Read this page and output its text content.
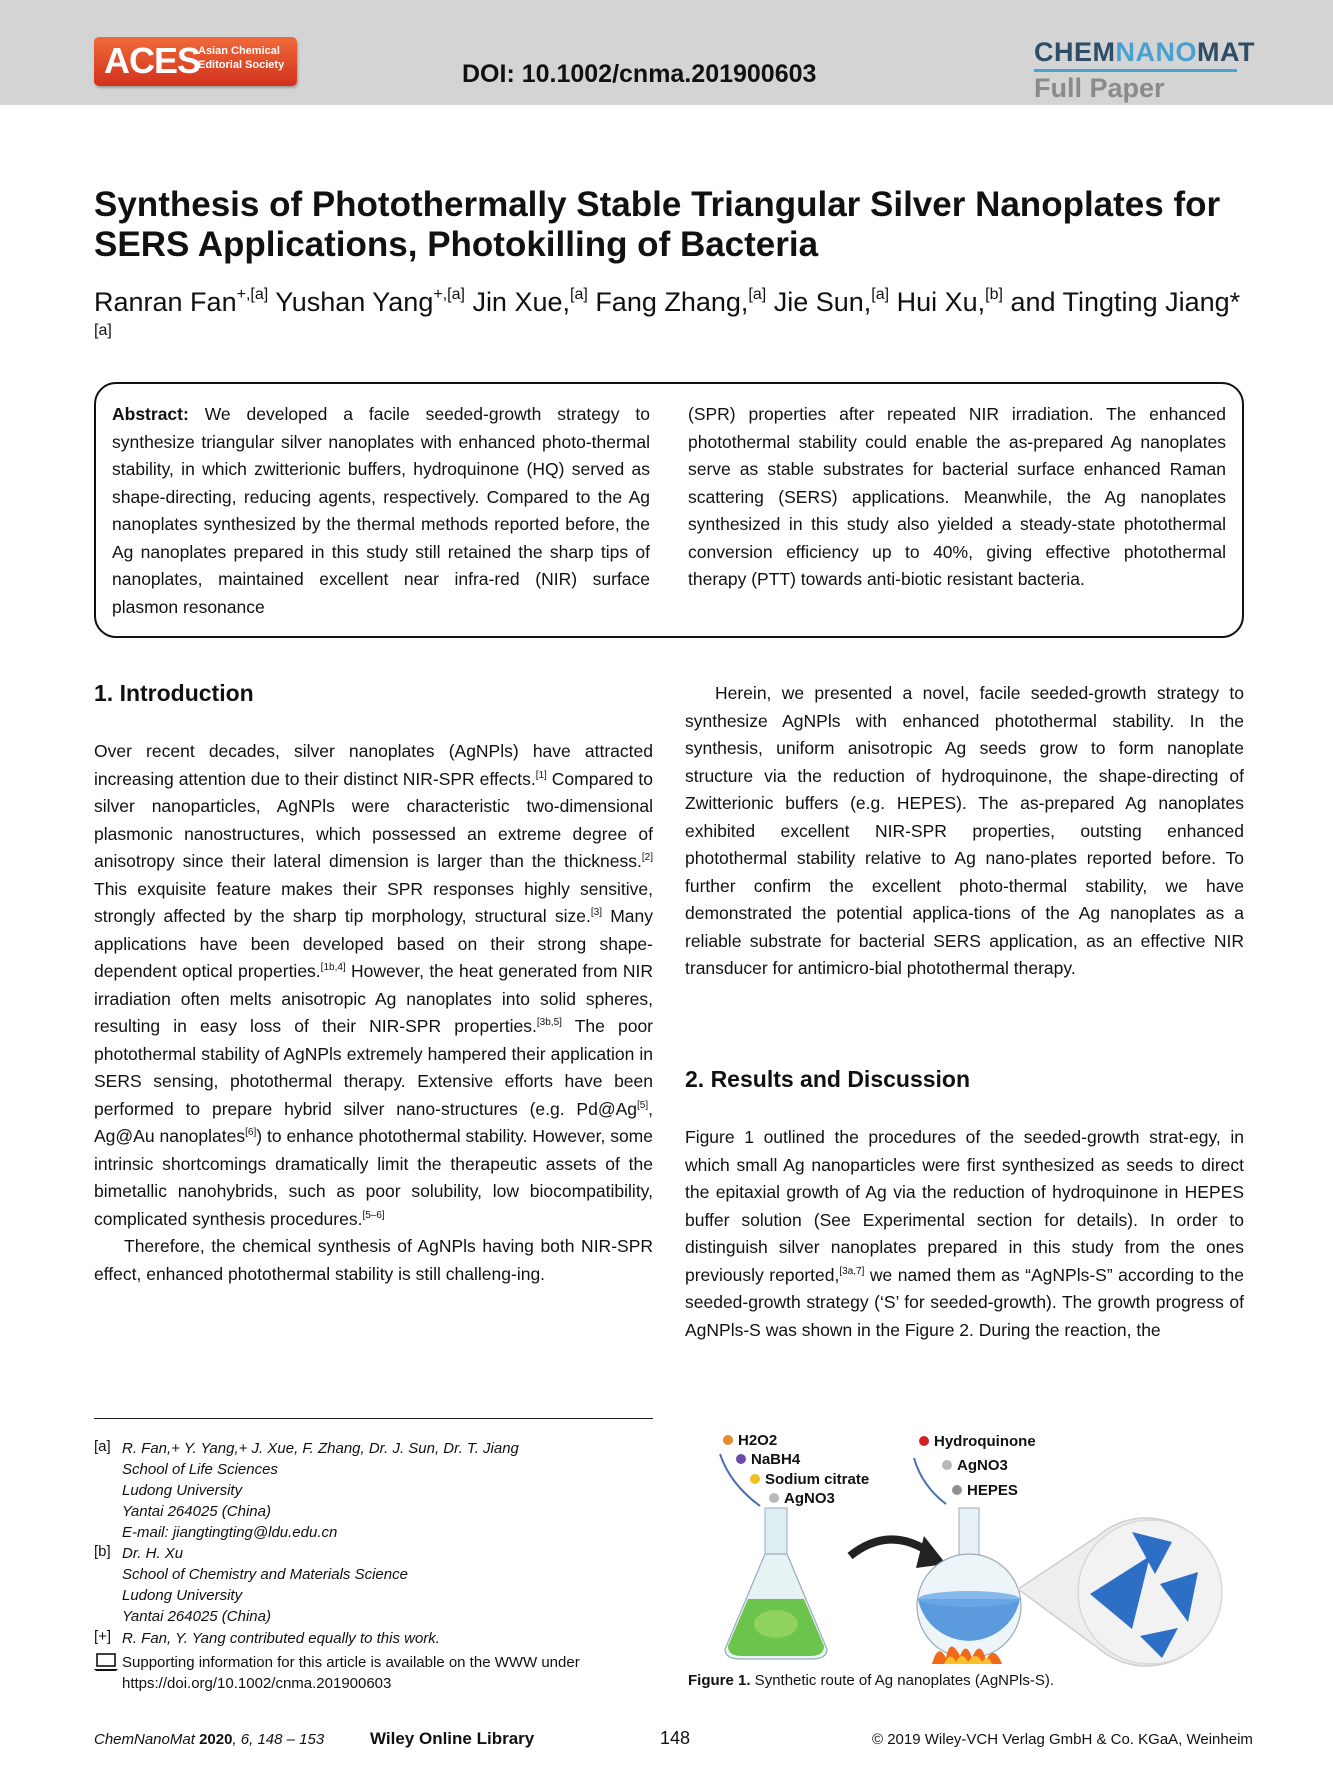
ACES
Asian Chemical
Editorial Society	DOI: 10.1002/cnma.201900603
CHEMNANOMAT
Full Paper
Synthesis of Photothermally Stable Triangular Silver Nanoplates for SERS Applications, Photokilling of Bacteria
Ranran Fan$^{+,[a]}$ Yushan Yang$^{+,[a]}$ Jin Xue,[a] Fang Zhang,[a] Jie Sun,[a] Hui Xu,[b] and Tingting Jiang*[a]
Abstract: We developed a facile seeded-growth strategy to synthesize triangular silver nanoplates with enhanced photo-thermal stability, in which zwitterionic buffers, hydroquinone (HQ) served as shape-directing, reducing agents, respectively. Compared to the Ag nanoplates synthesized by the thermal methods reported before, the Ag nanoplates prepared in this study still retained the sharp tips of nanoplates, maintained excellent near infra-red (NIR) surface plasmon resonance
(SPR) properties after repeated NIR irradiation. The enhanced photothermal stability could enable the as-prepared Ag nanoplates serve as stable substrates for bacterial surface enhanced Raman scattering (SERS) applications. Meanwhile, the Ag nanoplates synthesized in this study also yielded a steady-state photothermal conversion efficiency up to 40%, giving effective photothermal therapy (PTT) towards anti-biotic resistant bacteria.
1. Introduction

Over recent decades, silver nanoplates (AgNPls) have attracted increasing attention due to their distinct NIR-SPR effects.[1] Compared to silver nanoparticles, AgNPls were characteristic two-dimensional plasmonic nanostructures, which possessed an extreme degree of anisotropy since their lateral dimension is larger than the thickness.[2] This exquisite feature makes their SPR responses highly sensitive, strongly affected by the sharp tip morphology, structural size.[3] Many applications have been developed based on their strong shape-dependent optical properties.[1b,4] However, the heat generated from NIR irradiation often melts anisotropic Ag nanoplates into solid spheres, resulting in easy loss of their NIR-SPR properties.[3b,5] The poor photothermal stability of AgNPls extremely hampered their application in SERS sensing, photothermal therapy. Extensive efforts have been performed to prepare hybrid silver nano-structures (e.g. Pd@Ag[5], Ag@Au nanoplates[6]) to enhance photothermal stability. However, some intrinsic shortcomings dramatically limit the therapeutic assets of the bimetallic nanohybrids, such as poor solubility, low biocompatibility, complicated synthesis procedures.[5–6]

Therefore, the chemical synthesis of AgNPls having both NIR-SPR effect, enhanced photothermal stability is still challeng-ing.

Herein, we presented a novel, facile seeded-growth strategy to synthesize AgNPls with enhanced photothermal stability. In the synthesis, uniform anisotropic Ag seeds grow to form nanoplate structure via the reduction of hydroquinone, the shape-directing of Zwitterionic buffers (e.g. HEPES). The as-prepared Ag nanoplates exhibited excellent NIR-SPR properties, outsting enhanced photothermal stability relative to Ag nano-plates reported before. To further confirm the excellent photo-thermal stability, we have demonstrated the potential applica-tions of the Ag nanoplates as a reliable substrate for bacterial SERS application, as an effective NIR transducer for antimicro-bial photothermal therapy.
2. Results and Discussion
Figure 1 outlined the procedures of the seeded-growth strat-egy, in which small Ag nanoparticles were first synthesized as seeds to direct the epitaxial growth of Ag via the reduction of hydroquinone in HEPES buffer solution (See Experimental section for details). In order to distinguish silver nanoplates prepared in this study from the ones previously reported,[3a,7] we named them as “AgNPls-S” according to the seeded-growth strategy (‘S’ for seeded-growth). The growth progress of AgNPls-S was shown in the Figure 2. During the reaction, the
[a] R. Fan,+ Y. Yang,+ J. Xue, F. Zhang, Dr. J. Sun, Dr. T. Jiang
School of Life Sciences
Ludong University
Yantai 264025 (China)
E-mail: jiangtingting@ldu.edu.cn
[b] Dr. H. Xu
School of Chemistry and Materials Science
Ludong University
Yantai 264025 (China)
[+] R. Fan, Y. Yang contributed equally to this work.
Supporting information for this article is available on the WWW under
https://doi.org/10.1002/cnma.201900603
H2O2
NaBH4
Sodium citrate
AgNO3
Hydroquinone
AgNO3
HEPES
Figure 1. Synthetic route of Ag nanoplates (AgNPls-S).
ChemNanoMat 2020, 6, 148 – 153	Wiley Online Library	148	© 2019 Wiley-VCH Verlag GmbH & Co. KGaA, Weinheim
